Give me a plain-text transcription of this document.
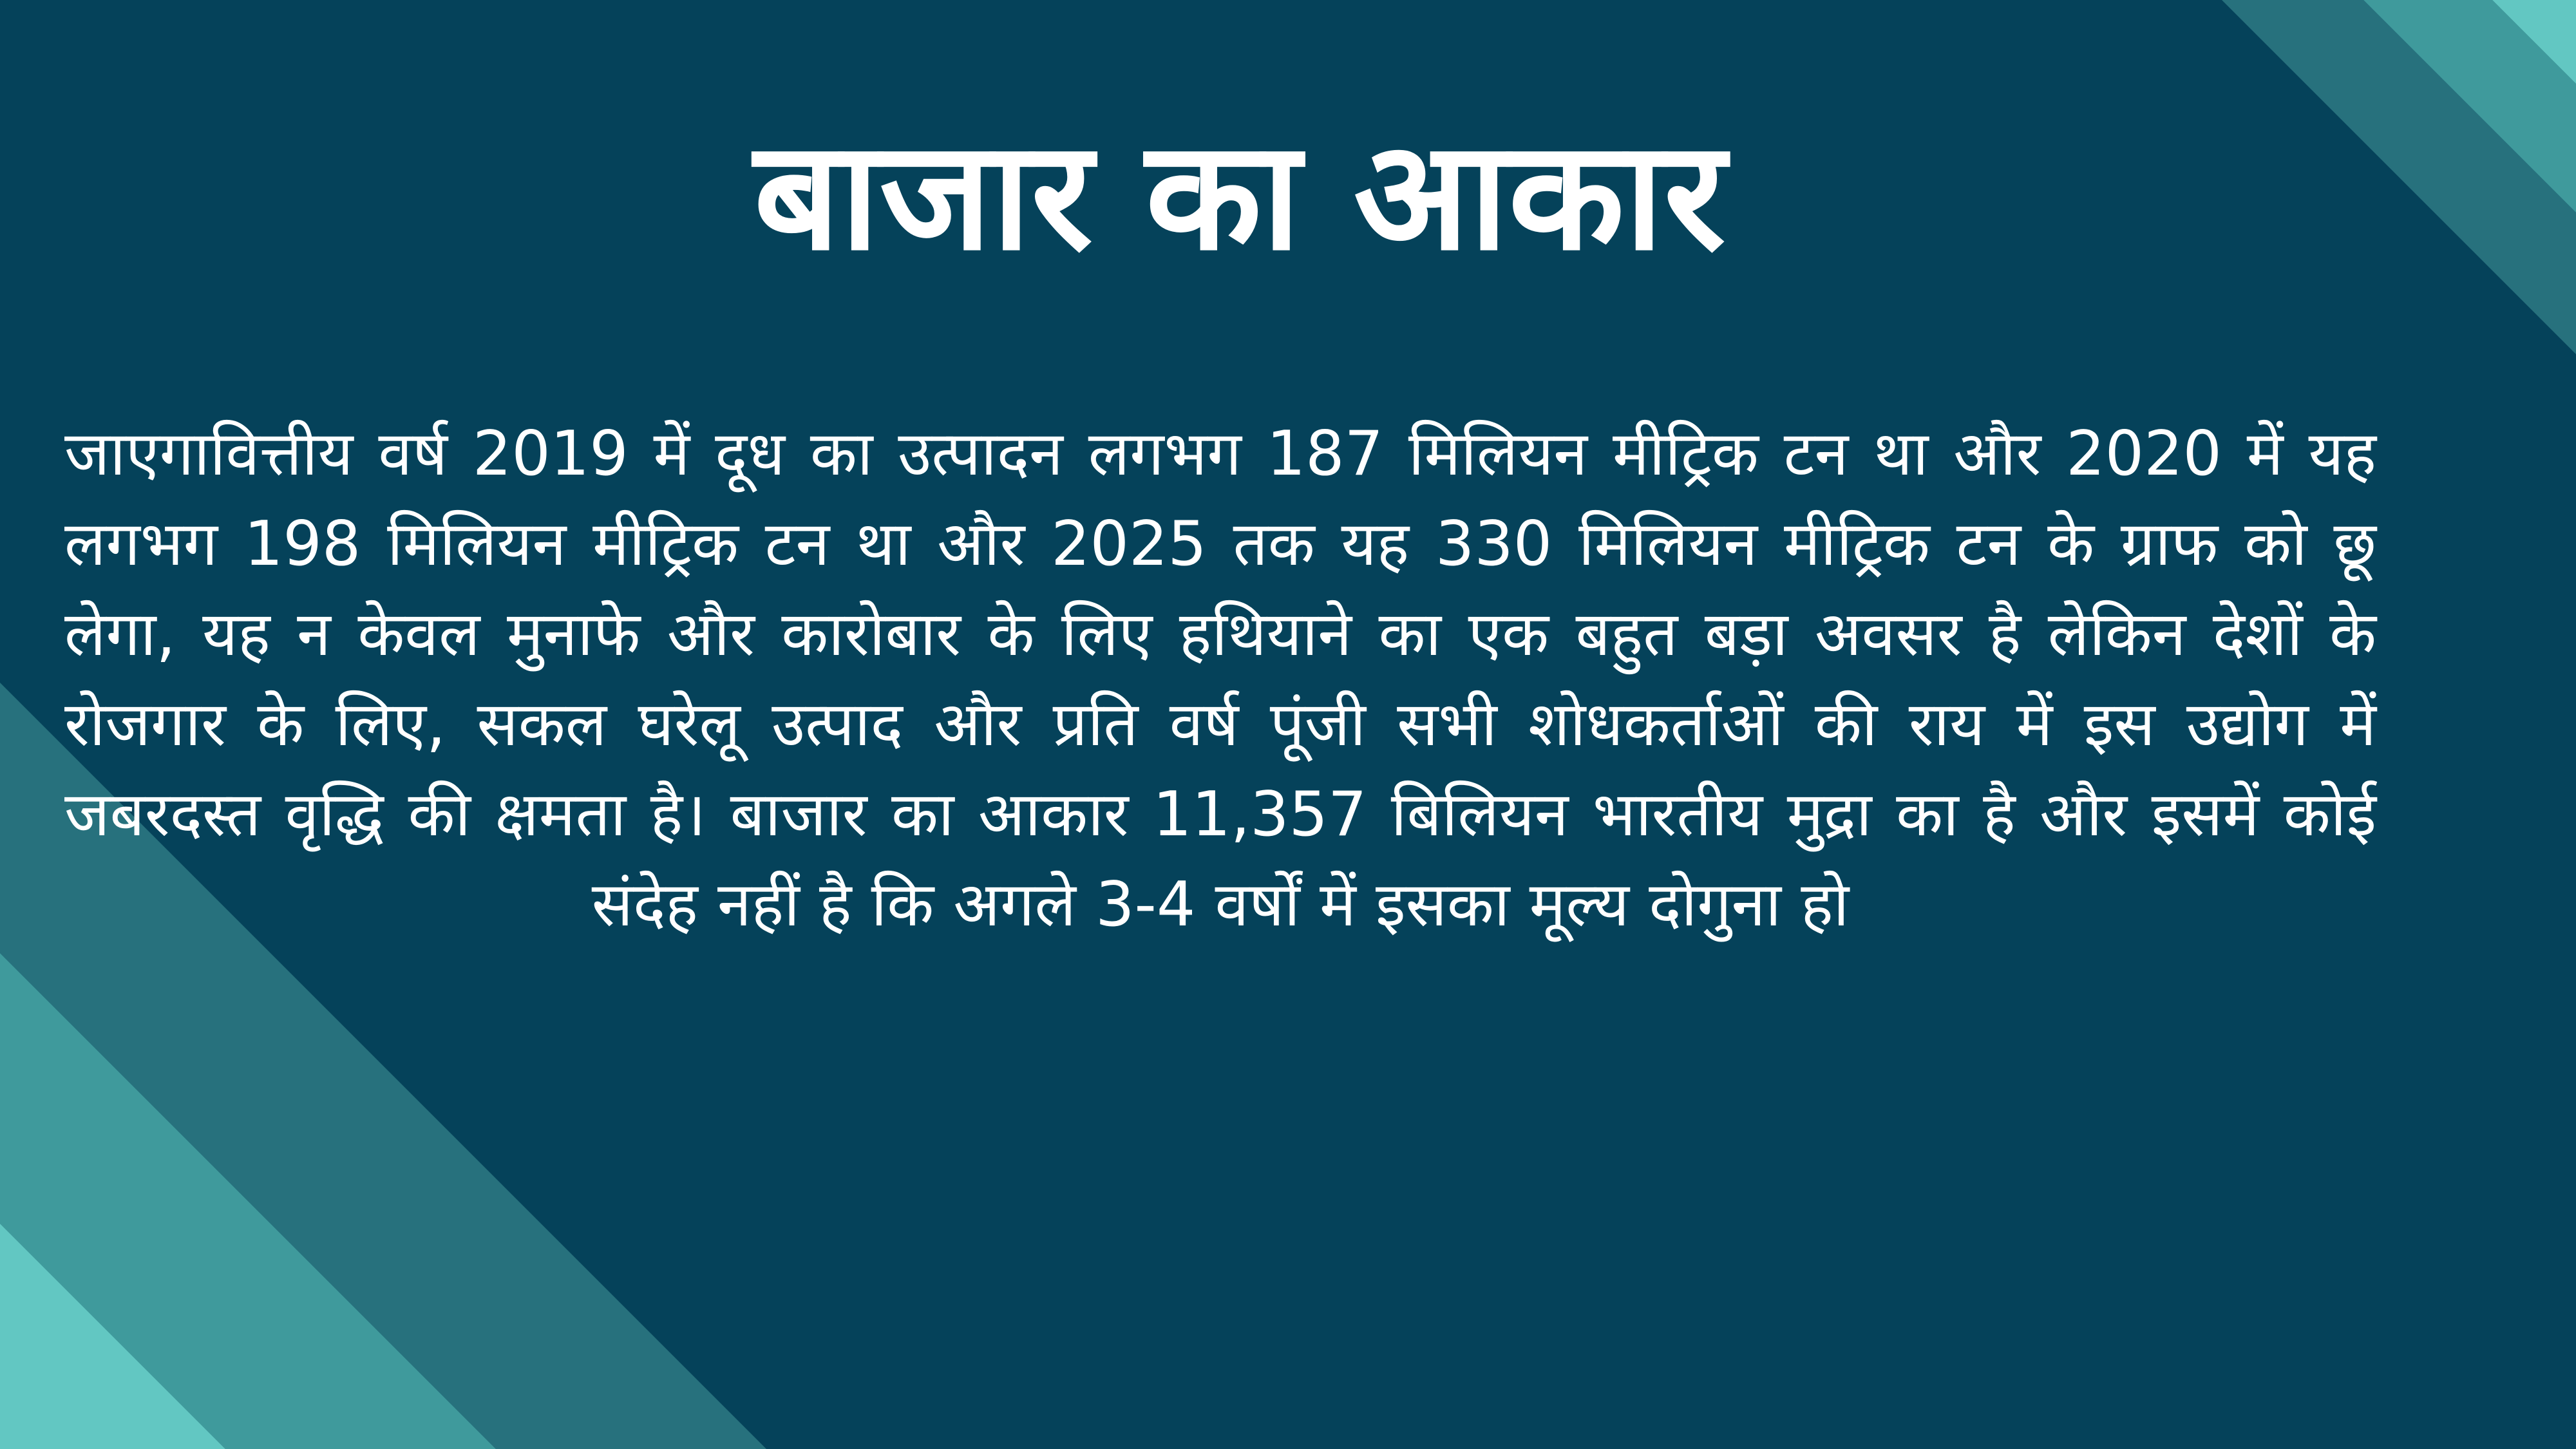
बाजार का आकार

जाएगावित्तीय वर्ष 2019 में दूध का उत्पादन लगभग 187 मिलियन मीट्रिक टन था और 2020 में यह लगभग 198 मिलियन मीट्रिक टन था और 2025 तक यह 330 मिलियन मीट्रिक टन के ग्राफ को छू लेगा, यह न केवल मुनाफे और कारोबार के लिए हथियाने का एक बहुत बड़ा अवसर है लेकिन देशों के रोजगार के लिए, सकल घरेलू उत्पाद और प्रति वर्ष पूंजी सभी शोधकर्ताओं की राय में इस उद्योग में जबरदस्त वृद्धि की क्षमता है। बाजार का आकार 11,357 बिलियन भारतीय मुद्रा का है और इसमें कोई संदेह नहीं है कि अगले 3-4 वर्षों में इसका मूल्य दोगुना हो
